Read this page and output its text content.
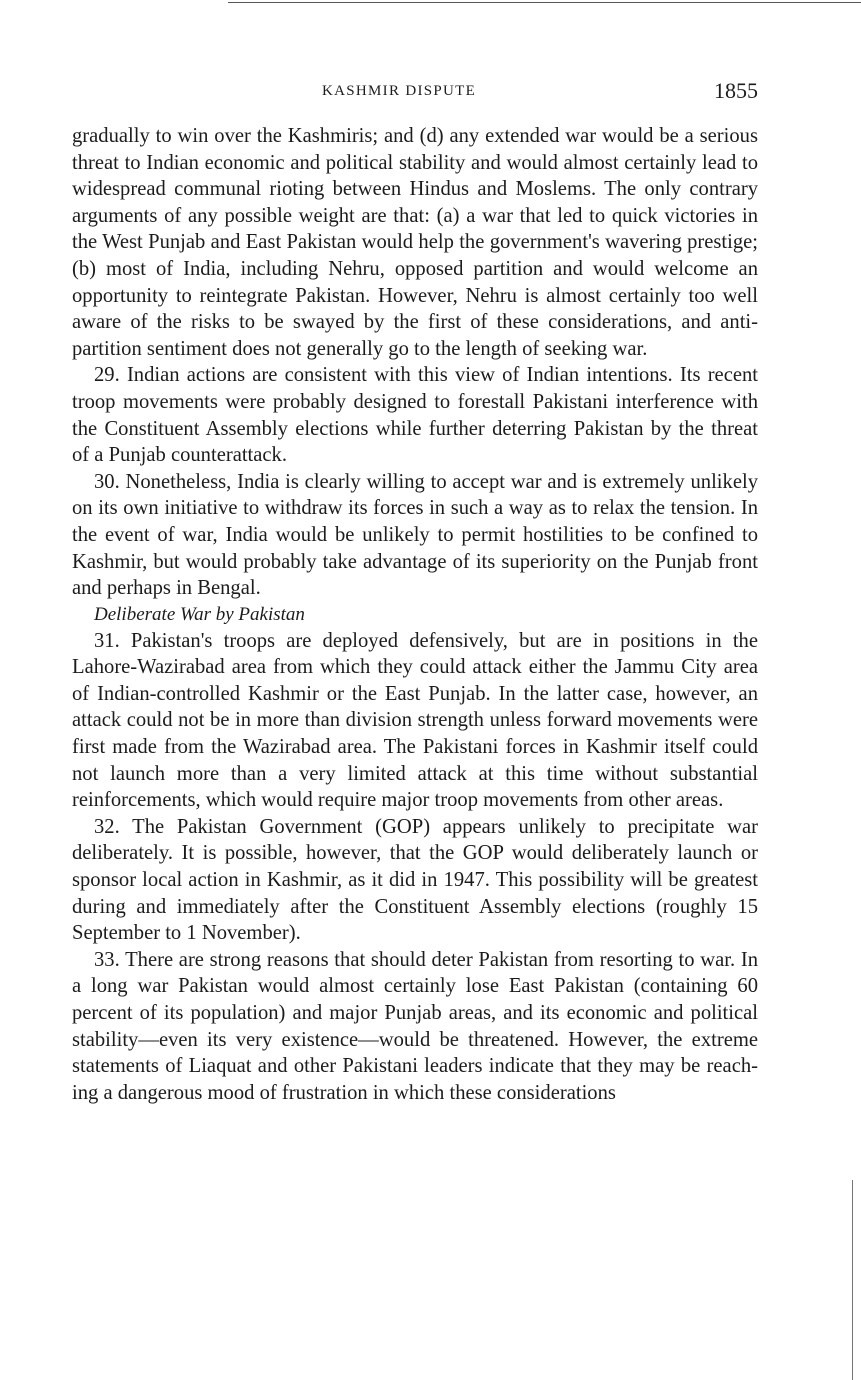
KASHMIR DISPUTE	1855

gradually to win over the Kashmiris; and (d) any extended war would be a serious threat to Indian economic and political stability and would almost certainly lead to widespread communal rioting between Hindus and Moslems. The only contrary arguments of any possible weight are that: (a) a war that led to quick victories in the West Punjab and East Pakistan would help the government's wavering prestige; (b) most of India, including Nehru, opposed partition and would welcome an opportunity to reintegrate Pakistan. However, Nehru is almost certainly too well aware of the risks to be swayed by the first of these considerations, and anti-partition sentiment does not generally go to the length of seeking war.

29. Indian actions are consistent with this view of Indian intentions. Its recent troop movements were probably designed to forestall Pakistani interference with the Constituent Assembly elections while further deterring Pakistan by the threat of a Punjab counterattack.

30. Nonetheless, India is clearly willing to accept war and is extremely unlikely on its own initiative to withdraw its forces in such a way as to relax the tension. In the event of war, India would be unlikely to permit hostilities to be confined to Kashmir, but would probably take advantage of its superiority on the Punjab front and perhaps in Bengal.

Deliberate War by Pakistan

31. Pakistan's troops are deployed defensively, but are in positions in the Lahore-Wazirabad area from which they could attack either the Jammu City area of Indian-controlled Kashmir or the East Punjab. In the latter case, however, an attack could not be in more than division strength unless forward movements were first made from the Wazirabad area. The Pakistani forces in Kashmir itself could not launch more than a very limited attack at this time without substantial reinforcements, which would require major troop movements from other areas.

32. The Pakistan Government (GOP) appears unlikely to precipitate war deliberately. It is possible, however, that the GOP would deliberately launch or sponsor local action in Kashmir, as it did in 1947. This possibility will be greatest during and immediately after the Constituent Assembly elections (roughly 15 September to 1 November).

33. There are strong reasons that should deter Pakistan from resorting to war. In a long war Pakistan would almost certainly lose East Pakistan (containing 60 percent of its population) and major Punjab areas, and its economic and political stability—even its very existence—would be threatened. However, the extreme statements of Liaquat and other Pakistani leaders indicate that they may be reaching a dangerous mood of frustration in which these considerations
